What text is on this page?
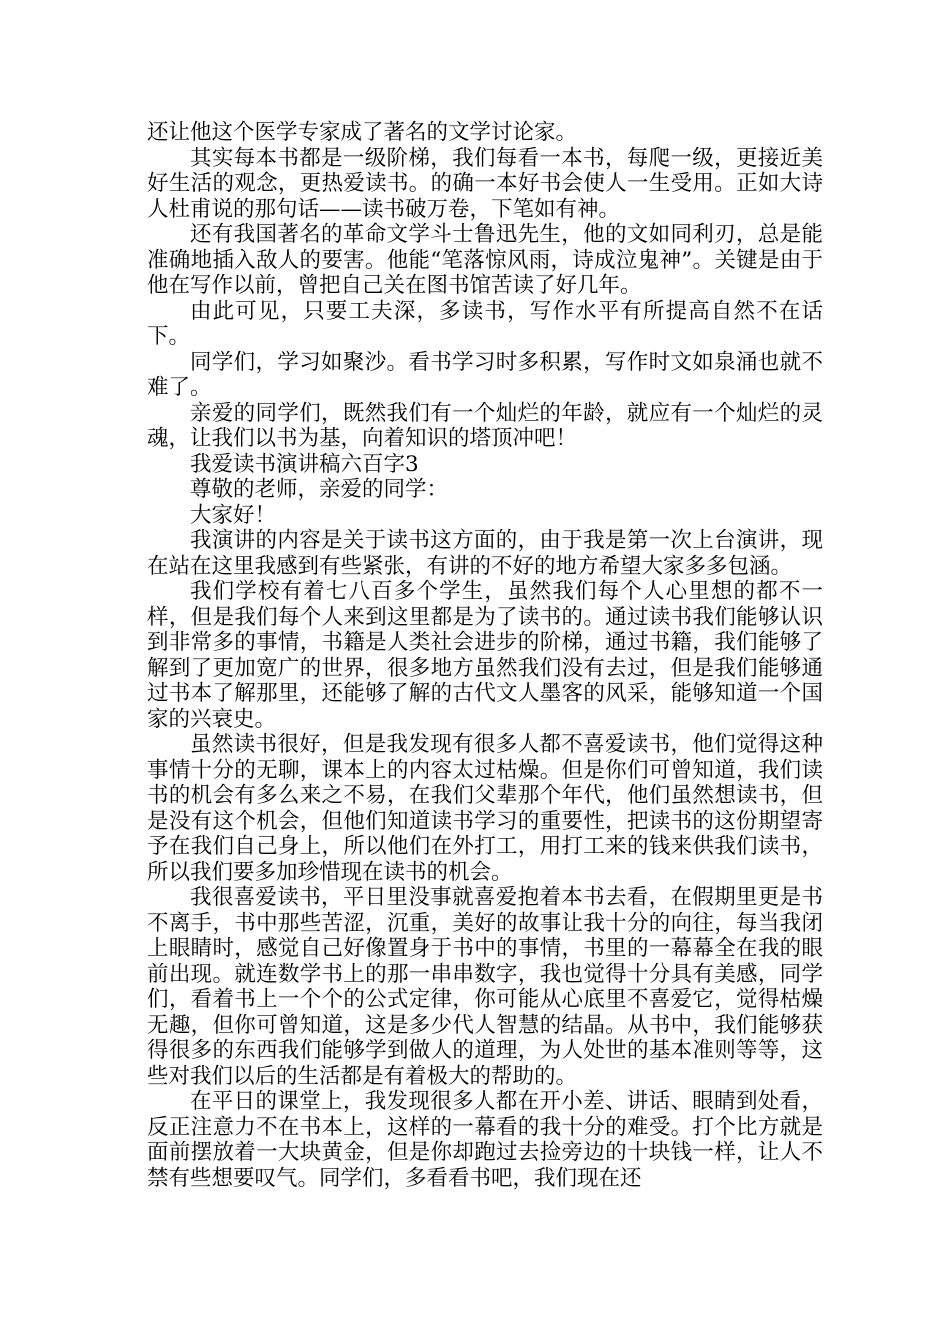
还让他这个医学专家成了著名的文学讨论家。

其实每本书都是一级阶梯，我们每看一本书，每爬一级，更接近美好生活的观念，更热爱读书。的确一本好书会使人一生受用。正如大诗人杜甫说的那句话——读书破万卷，下笔如有神。

还有我国著名的革命文学斗士鲁迅先生，他的文如同利刃，总是能准确地插入敌人的要害。他能“笔落惊风雨，诗成泣鬼神”。关键是由于他在写作以前，曾把自己关在图书馆苦读了好几年。

由此可见，只要工夫深，多读书，写作水平有所提高自然不在话下。

同学们，学习如聚沙。看书学习时多积累，写作时文如泉涌也就不难了。

亲爱的同学们，既然我们有一个灿烂的年龄，就应有一个灿烂的灵魂，让我们以书为基，向着知识的塔顶冲吧！

我爱读书演讲稿六百字3

尊敬的老师，亲爱的同学：

大家好！

我演讲的内容是关于读书这方面的，由于我是第一次上台演讲，现在站在这里我感到有些紧张，有讲的不好的地方希望大家多多包涵。

我们学校有着七八百多个学生，虽然我们每个人心里想的都不一样，但是我们每个人来到这里都是为了读书的。通过读书我们能够认识到非常多的事情，书籍是人类社会进步的阶梯，通过书籍，我们能够了解到了更加宽广的世界，很多地方虽然我们没有去过，但是我们能够通过书本了解那里，还能够了解的古代文人墨客的风采，能够知道一个国家的兴衰史。

虽然读书很好，但是我发现有很多人都不喜爱读书，他们觉得这种事情十分的无聊，课本上的内容太过枯燥。但是你们可曾知道，我们读书的机会有多么来之不易，在我们父辈那个年代，他们虽然想读书，但是没有这个机会，但他们知道读书学习的重要性，把读书的这份期望寄予在我们自己身上，所以他们在外打工，用打工来的钱来供我们读书，所以我们要多加珍惜现在读书的机会。

我很喜爱读书，平日里没事就喜爱抱着本书去看，在假期里更是书不离手，书中那些苦涩，沉重，美好的故事让我十分的向往，每当我闭上眼睛时，感觉自己好像置身于书中的事情，书里的一幕幕全在我的眼前出现。就连数学书上的那一串串数字，我也觉得十分具有美感，同学们，看着书上一个个的公式定律，你可能从心底里不喜爱它，觉得枯燥无趣，但你可曾知道，这是多少代人智慧的结晶。从书中，我们能够获得很多的东西我们能够学到做人的道理，为人处世的基本准则等等，这些对我们以后的生活都是有着极大的帮助的。

在平日的课堂上，我发现很多人都在开小差、讲话、眼睛到处看，反正注意力不在书本上，这样的一幕看的我十分的难受。打个比方就是面前摆放着一大块黄金，但是你却跑过去捡旁边的十块钱一样，让人不禁有些想要叹气。同学们，多看看书吧，我们现在还
